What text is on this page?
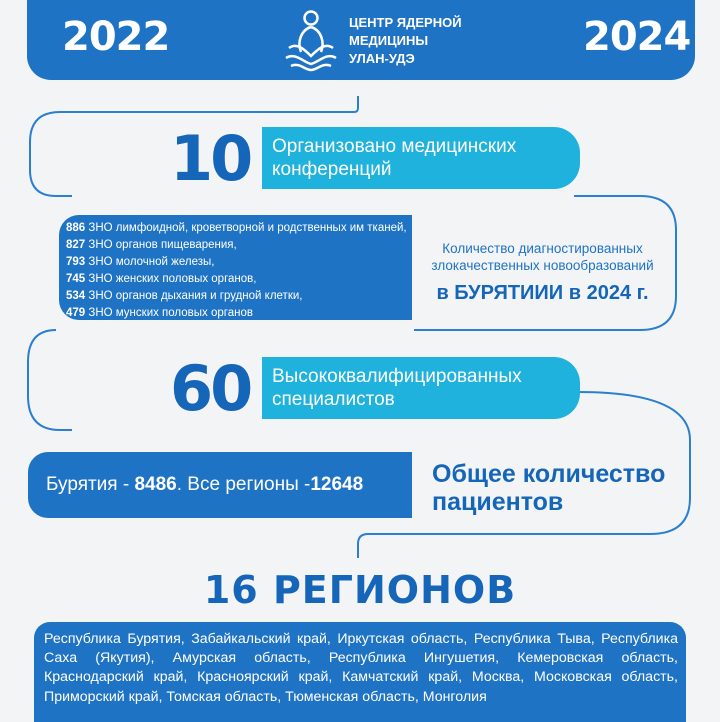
2022	2024
ЦЕНТР ЯДЕРНОЙ
МЕДИЦИНЫ
УЛАН-УДЭ
10	Организовано медицинских
конференций
886 ЗНО лимфоидной, кроветворной и родственных им тканей,
827 ЗНО органов пищеварения,
793 ЗНО молочной железы,
745 ЗНО женских половых органов,
534 ЗНО органов дыхания и грудной клетки,
479 ЗНО мунских половых органов
Количество диагностированных
злокачественных новообразований
в БУРЯТИИИ в 2024 г.
60	Высококвалифицированных
специалистов
Бурятия - 8486. Все регионы -12648	Общее количество
пациентов
16 РЕГИОНОВ
Республика Бурятия, Забайкальский край, Иркутская область, Республика Тыва, Республика Саха (Якутия), Амурская область, Республика Ингушетия, Кемеровская область, Краснодарский край, Красноярский край, Камчатский край, Москва, Московская область, Приморский край, Томская область, Тюменская область, Монголия
